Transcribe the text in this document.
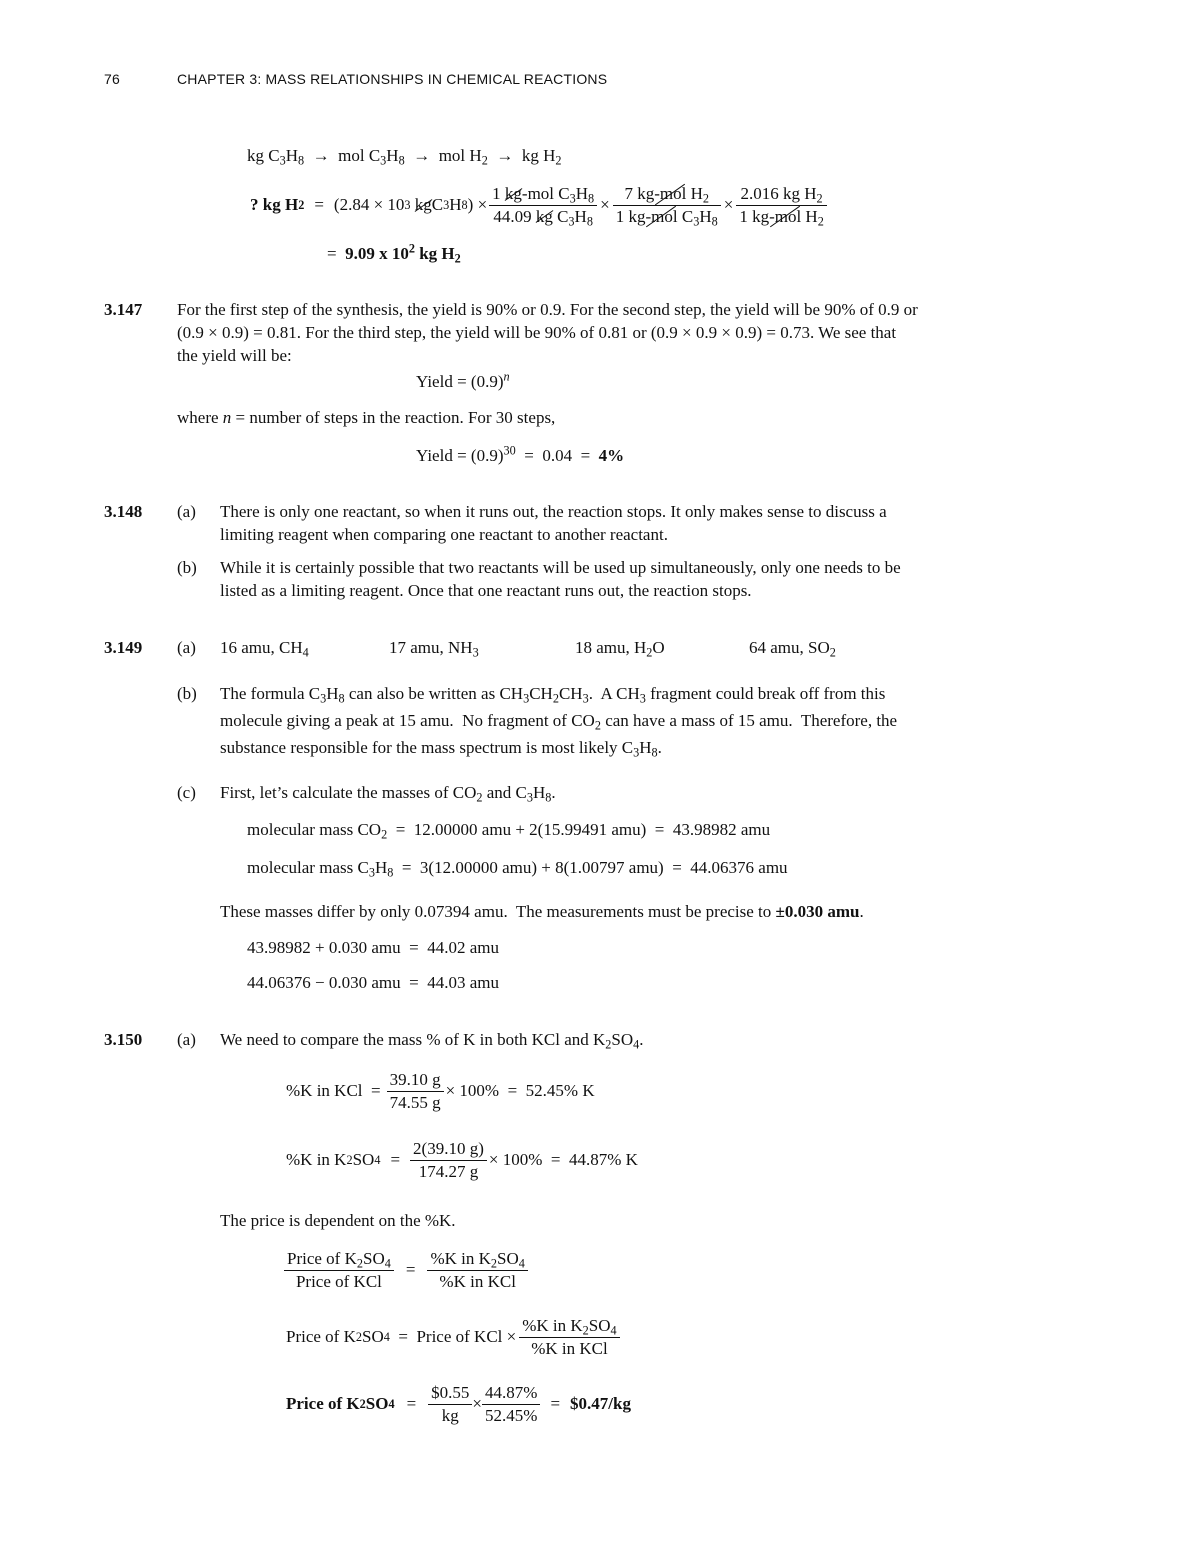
76	CHAPTER 3: MASS RELATIONSHIPS IN CHEMICAL REACTIONS
kg $C_3H_8$  →  mol $C_3H_8$  →  mol $H_2$  →  kg $H_2$
? kg H 2 = (2.84 × 10 3
kg C 3 H 8 ) × $\frac{1 kg-mol C_3H_8}{44.09 kg C_3H_8} \times \frac{7 kg-mol H_2}{1 kg-mol C_3H_8} \times \frac{2.016 kg H_2}{1 kg-mol H_2}$
= 9.09 x $10^2$ kg $H_2$
3.147 For the first step of the synthesis, the yield is 90% or 0.9. For the second step, the yield will be 90% of 0.9 or
(0.9 × 0.9) = 0.81. For the third step, the yield will be 90% of 0.81 or (0.9 × 0.9 × 0.9) = 0.73. We see that
the yield will be:
Yield = $(0.9)^n$
where n = number of steps in the reaction. For 30 steps,
Yield = $(0.9)^{30} = 0.04 = 4\%$
3.148 (a) There is only one reactant, so when it runs out, the reaction stops. It only makes sense to discuss a
limiting reagent when comparing one reactant to another reactant.
(b) While it is certainly possible that two reactants will be used up simultaneously, only one needs to be
listed as a limiting reagent. Once that one reactant runs out, the reaction stops.
3.149 (a) 16 amu, $CH_4$	17 amu, $NH_3$	18 amu, $H_2O$	64 amu, $SO_2$
(b) The formula $C_3H_8$ can also be written as $CH_3CH_2CH_3$.  A $CH_3$ fragment could break off from this
molecule giving a peak at 15 amu.  No fragment of $CO_2$ can have a mass of 15 amu.  Therefore, the
substance responsible for the mass spectrum is most likely $C_3H_8$.
(c) First, let’s calculate the masses of $CO_2$ and $C_3H_8$.
molecular mass $CO_2 = 12.00000$ amu + 2(15.99491 amu)  =  43.98982 amu
molecular mass $C_3H_8 = 3(12.00000$ amu) + 8(1.00797 amu)  =  44.06376 amu
These masses differ by only 0.07394 amu.  The measurements must be precise to ±0.030 amu.
43.98982 + 0.030 amu  =  44.02 amu
44.06376 − 0.030 amu  =  44.03 amu
3.150 (a) We need to compare the mass % of K in both KCl and $K_2SO_4$.
%K in KCl  = $\frac{39.10 g}{74.55 g} \times 100\% = 52.45\%$ K
%K in K 2 SO $4 = \frac{2(39.10 g)}{174.27 g} \times 100\% = 44.87\%$ K
The price is dependent on the %K.
$\frac{Price of K_2SO_4}{\text{Price of KCl}} = \frac{\%K in K_2SO_4}{\text{\%K in KCl}}$
Price of K 2 SO 4 =  Price of KCl × $\frac{\%K in K_2SO_4}{\text{\%K in KCl}}$
Price of K 2 SO $4 = \frac{\$0.55}{kg} \times \frac{44.87\%}{52.45\%}$ = $0.47 /kg
